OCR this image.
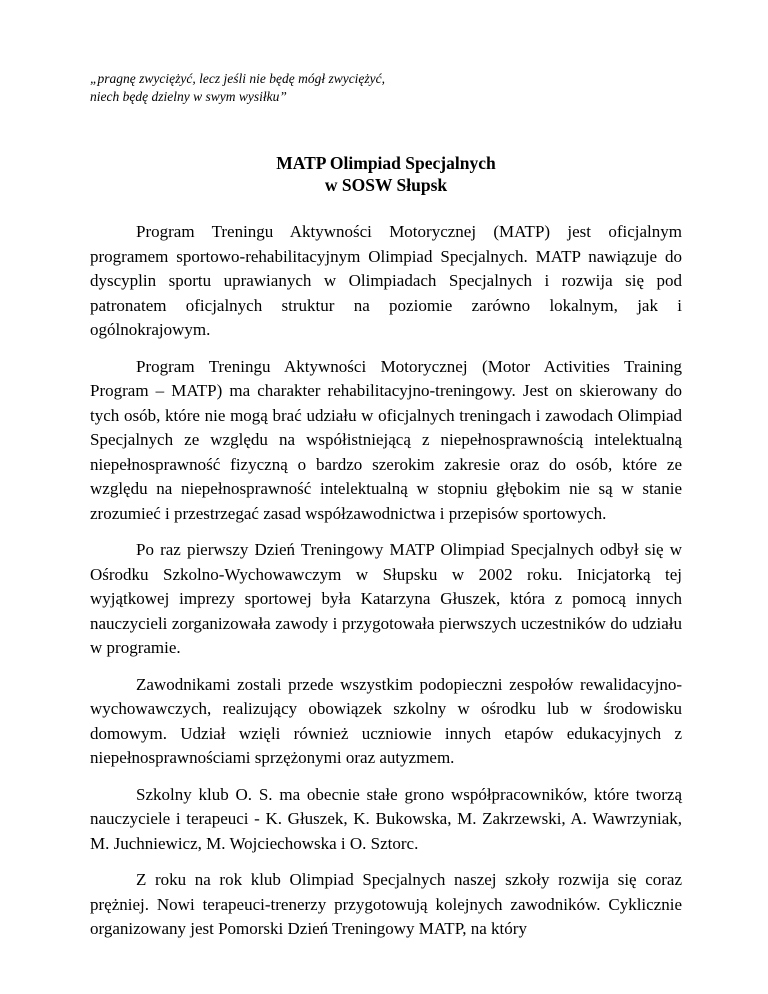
„pragnę zwyciężyć, lecz jeśli nie będę mógł zwyciężyć,

niech będę dzielny w swym wysiłku”

MATP Olimpiad Specjalnych

w SOSW Słupsk

Program Treningu Aktywności Motorycznej (MATP) jest oficjalnym programem sportowo-rehabilitacyjnym Olimpiad Specjalnych. MATP nawiązuje do dyscyplin sportu uprawianych w Olimpiadach Specjalnych i rozwija się pod patronatem oficjalnych struktur na poziomie zarówno lokalnym, jak i ogólnokrajowym.

Program Treningu Aktywności Motorycznej (Motor Activities Training Program – MATP) ma charakter rehabilitacyjno-treningowy. Jest on skierowany do tych osób, które nie mogą brać udziału w oficjalnych treningach i zawodach Olimpiad Specjalnych ze względu na współistniejącą z niepełnosprawnością intelektualną niepełnosprawność fizyczną o bardzo szerokim zakresie oraz do osób, które ze względu na niepełnosprawność intelektualną w stopniu głębokim nie są w stanie zrozumieć i przestrzegać zasad współzawodnictwa i przepisów sportowych.

Po raz pierwszy Dzień Treningowy MATP Olimpiad Specjalnych odbył się w Ośrodku Szkolno-Wychowawczym w Słupsku w 2002 roku. Inicjatorką tej wyjątkowej imprezy sportowej była Katarzyna Głuszek, która z pomocą innych nauczycieli zorganizowała zawody i przygotowała pierwszych uczestników do udziału w programie.

Zawodnikami zostali przede wszystkim podopieczni zespołów rewalidacyjno-wychowawczych, realizujący obowiązek szkolny w ośrodku lub w środowisku domowym. Udział wzięli również uczniowie innych etapów edukacyjnych z niepełnosprawnościami sprzężonymi oraz autyzmem.

Szkolny klub O. S. ma obecnie stałe grono współpracowników, które tworzą nauczyciele i terapeuci - K. Głuszek, K. Bukowska, M. Zakrzewski, A. Wawrzyniak, M. Juchniewicz, M. Wojciechowska i O. Sztorc.

Z roku na rok klub Olimpiad Specjalnych naszej szkoły rozwija się coraz prężniej. Nowi terapeuci-trenerzy przygotowują kolejnych zawodników. Cyklicznie organizowany jest Pomorski Dzień Treningowy MATP, na który
